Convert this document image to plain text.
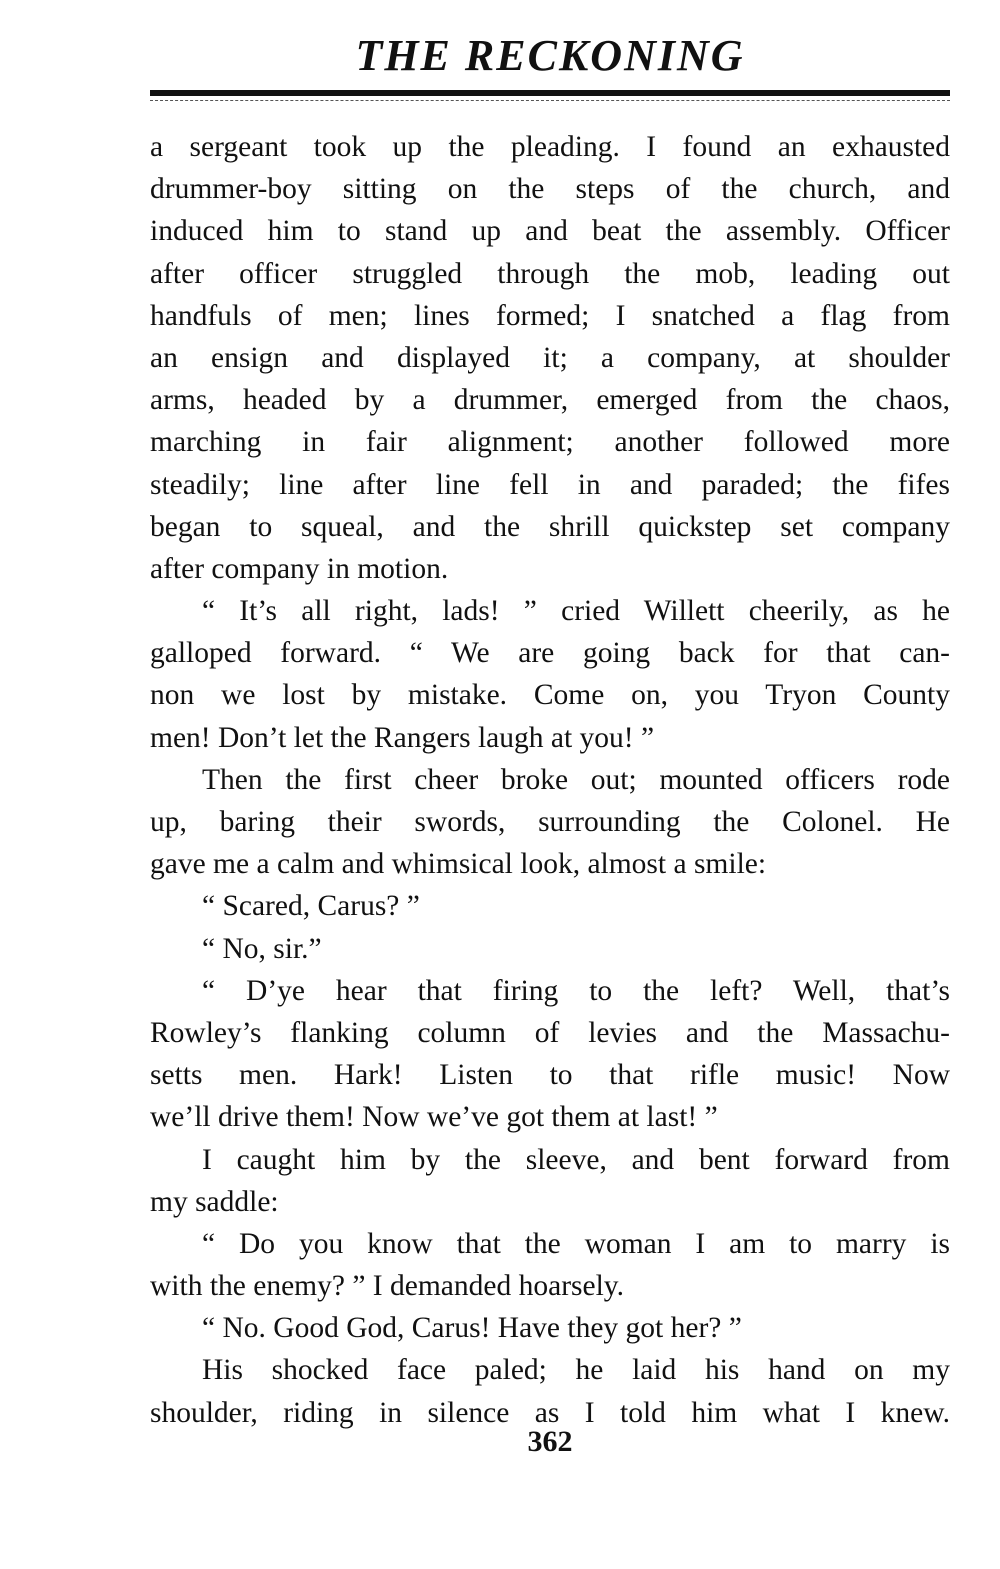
THE RECKONING
a sergeant took up the pleading. I found an exhausted
drummer-boy sitting on the steps of the church, and
induced him to stand up and beat the assembly. Officer
after officer struggled through the mob, leading out
handfuls of men; lines formed; I snatched a flag from
an ensign and displayed it; a company, at shoulder
arms, headed by a drummer, emerged from the chaos,
marching in fair alignment; another followed more
steadily; line after line fell in and paraded; the fifes
began to squeal, and the shrill quickstep set company
after company in motion.
“ It’s all right, lads! ” cried Willett cheerily, as he
galloped forward. “ We are going back for that can-
non we lost by mistake. Come on, you Tryon County
men! Don’t let the Rangers laugh at you! ”
Then the first cheer broke out; mounted officers rode
up, baring their swords, surrounding the Colonel. He
gave me a calm and whimsical look, almost a smile:
“ Scared, Carus? ”
“ No, sir.”
“ D’ye hear that firing to the left? Well, that’s
Rowley’s flanking column of levies and the Massachu-
setts men. Hark! Listen to that rifle music! Now
we’ll drive them! Now we’ve got them at last! ”
I caught him by the sleeve, and bent forward from
my saddle:
“ Do you know that the woman I am to marry is
with the enemy? ” I demanded hoarsely.
“ No. Good God, Carus! Have they got her? ”
His shocked face paled; he laid his hand on my
shoulder, riding in silence as I told him what I knew.
362
